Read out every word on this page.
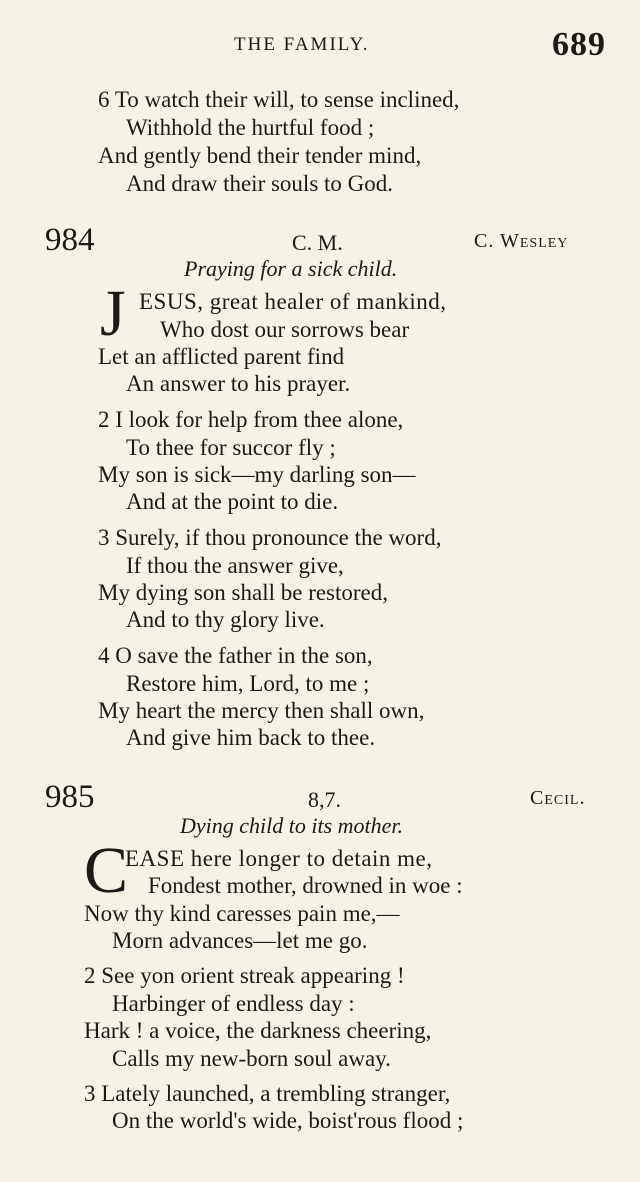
THE FAMILY.	689
6 To watch their will, to sense inclined,
Withhold the hurtful food ;
And gently bend their tender mind,
And draw their souls to God.
984	C. M.	C. Wesley
Praying for a sick child.
J ESUS, great healer of mankind,
Who dost our sorrows bear
Let an afflicted parent find
An answer to his prayer.
2 I look for help from thee alone,
To thee for succor fly ;
My son is sick—my darling son—
And at the point to die.
3 Surely, if thou pronounce the word,
If thou the answer give,
My dying son shall be restored,
And to thy glory live.
4 O save the father in the son,
Restore him, Lord, to me ;
My heart the mercy then shall own,
And give him back to thee.
985	8,7.	Cecil.
Dying child to its mother.
C
EASE here longer to detain me,
Fondest mother, drowned in woe :
Now thy kind caresses pain me,—
Morn advances—let me go.
2 See yon orient streak appearing !
Harbinger of endless day :
Hark ! a voice, the darkness cheering,
Calls my new-born soul away.
3 Lately launched, a trembling stranger,
On the world's wide, boist'rous flood ;
